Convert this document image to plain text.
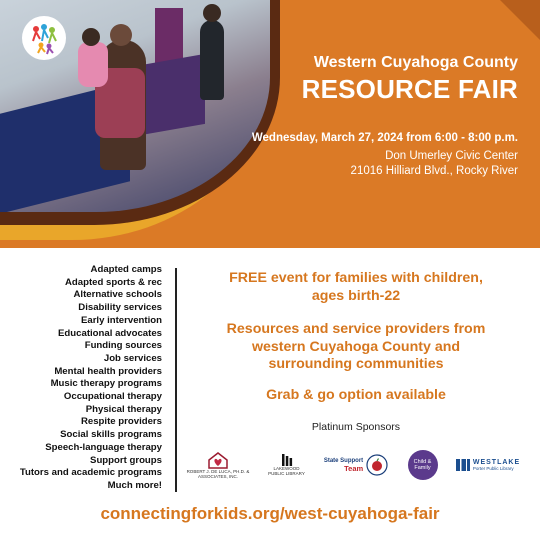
Western Cuyahoga County
RESOURCE FAIR
Wednesday, March 27, 2024 from 6:00 - 8:00 p.m.
Don Umerley Civic Center
21016 Hilliard Blvd., Rocky River
Adapted camps
Adapted sports & rec
Alternative schools
Disability services
Early intervention
Educational advocates
Funding sources
Job services
Mental health providers
Music therapy programs
Occupational therapy
Physical therapy
Respite providers
Social skills programs
Speech-language therapy
Support groups
Tutors and academic programs
Much more!
FREE event for families with children,
ages birth-22
Resources and service providers from
western Cuyahoga County and
surrounding communities
Grab & go option available
Platinum Sponsors
ROBERT J. DE LUCA, PH.D. & ASSOCIATES, INC.
LAKEWOOD
PUBLIC LIBRARY
State Support
Team
Child &
Family
WESTLAKE
Porter Public Library
connectingforkids.org/west-cuyahoga-fair
